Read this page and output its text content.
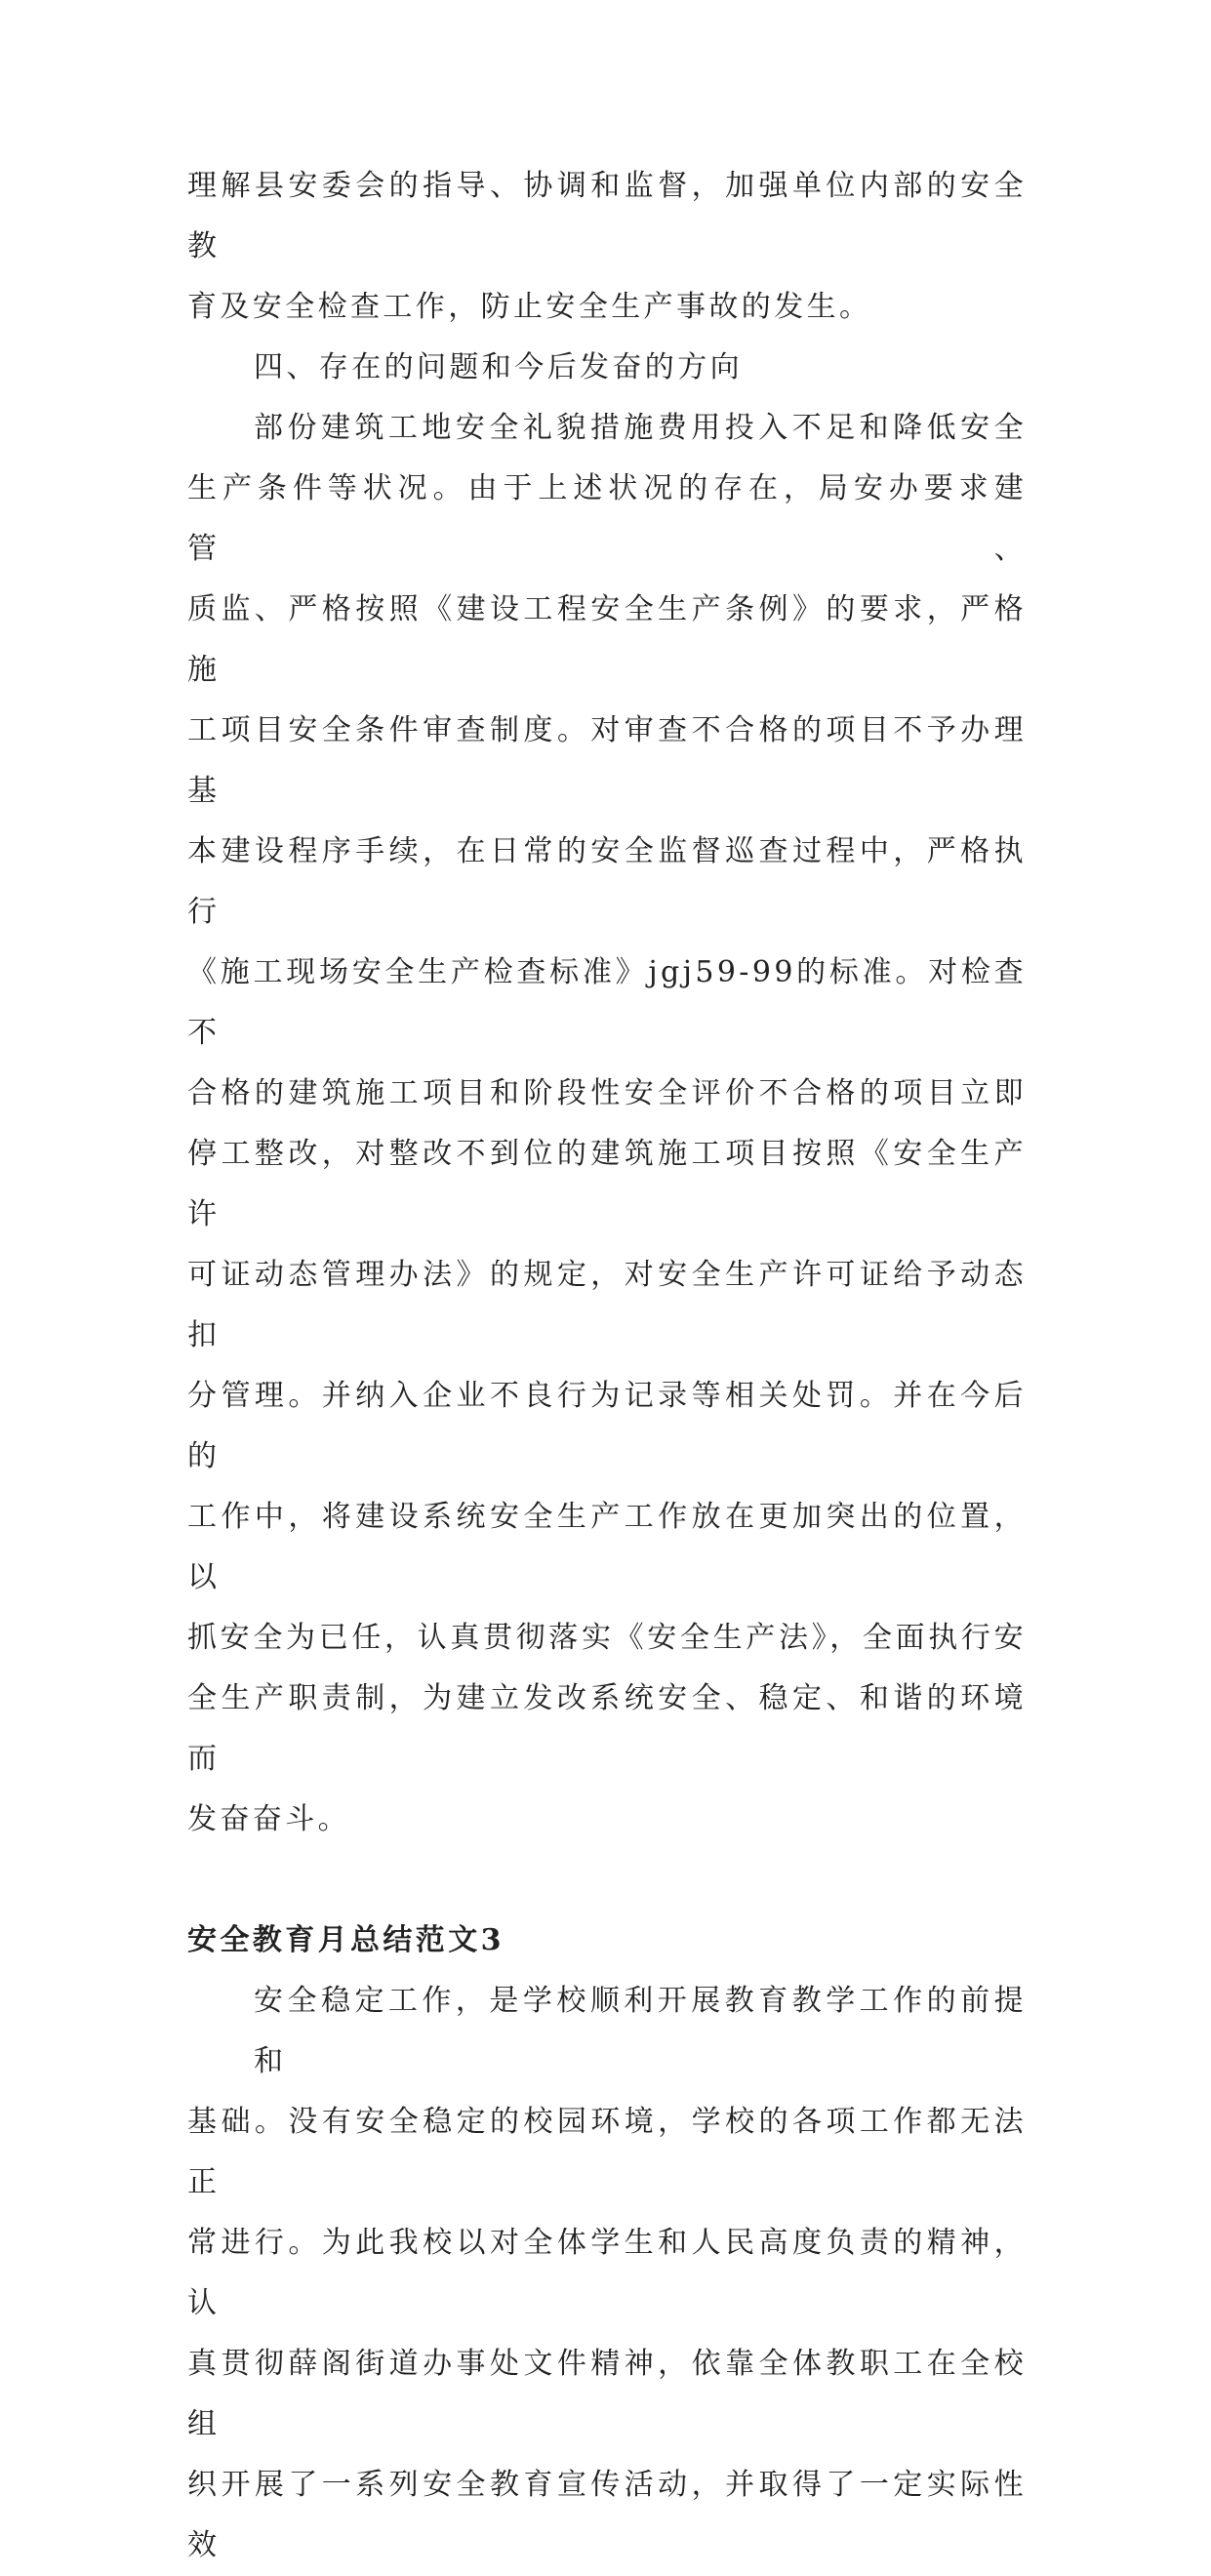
理解县安委会的指导、协调和监督，加强单位内部的安全教
育及安全检查工作，防止安全生产事故的发生。

四、存在的问题和今后发奋的方向

部份建筑工地安全礼貌措施费用投入不足和降低安全
生产条件等状况。由于上述状况的存在，局安办要求建管、
质监、严格按照《建设工程安全生产条例》的要求，严格施
工项目安全条件审查制度。对审查不合格的项目不予办理基
本建设程序手续，在日常的安全监督巡查过程中，严格执行
《施工现场安全生产检查标准》jgj59-99的标准。对检查不
合格的建筑施工项目和阶段性安全评价不合格的项目立即
停工整改，对整改不到位的建筑施工项目按照《安全生产许
可证动态管理办法》的规定，对安全生产许可证给予动态扣
分管理。并纳入企业不良行为记录等相关处罚。并在今后的
工作中，将建设系统安全生产工作放在更加突出的位置，以
抓安全为已任，认真贯彻落实《安全生产法》，全面执行安
全生产职责制，为建立发改系统安全、稳定、和谐的环境而
发奋奋斗。

安全教育月总结范文3

安全稳定工作，是学校顺利开展教育教学工作的前提和
基础。没有安全稳定的校园环境，学校的各项工作都无法正
常进行。为此我校以对全体学生和人民高度负责的精神，认
真贯彻薛阁街道办事处文件精神，依靠全体教职工在全校组
织开展了一系列安全教育宣传活动，并取得了一定实际性效
